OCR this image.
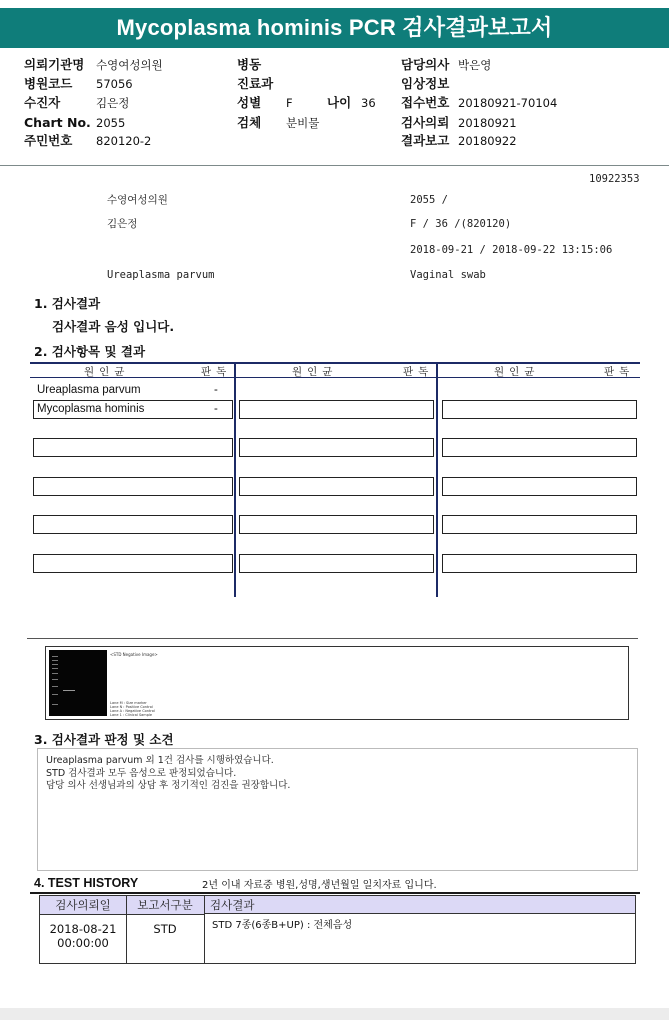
Mycoplasma hominis PCR 검사결과보고서
의뢰기관명 수영여성의원
병원코드 57056
수진자	김은정
Chart No. 2055
주민번호 820120-2
병동
진료과
성별 F	나이 36
검체 분비물
담당의사 박은영
임상정보
접수번호 20180921-70104
검사의뢰 20180921
결과보고 20180922
10922353
수영여성의원	2055 /
김은정	F / 36 /(820120)
2018-09-21 / 2018-09-22 13:15:06
Ureaplasma parvum	Vaginal swab
1. 검사결과
검사결과 음성 입니다.
2. 검사항목 및 결과
원인균	판독	원인균	판독	원인균	판독
Ureaplasma parvum	-
Mycoplasma hominis	-
<STD Negative Image>
Lane M : Size marker
Lane N : Positive Control
Lane A : Negative Control
Lane 1 : Clinical Sample
3. 검사결과 판정 및 소견
Ureaplasma parvum 외 1건 검사를 시행하였습니다.
STD 검사결과 모두 음성으로 판정되었습니다.
담당 의사 선생님과의 상담 후 정기적인 검진을 권장합니다.
4. TEST HISTORY	2년 이내 자료중 병원,성명,생년월일 일치자료 입니다.
검사의뢰일	보고서구분	검사결과
2018-08-21
00:00:00
STD	STD 7종(6종B+UP) : 전체음성
